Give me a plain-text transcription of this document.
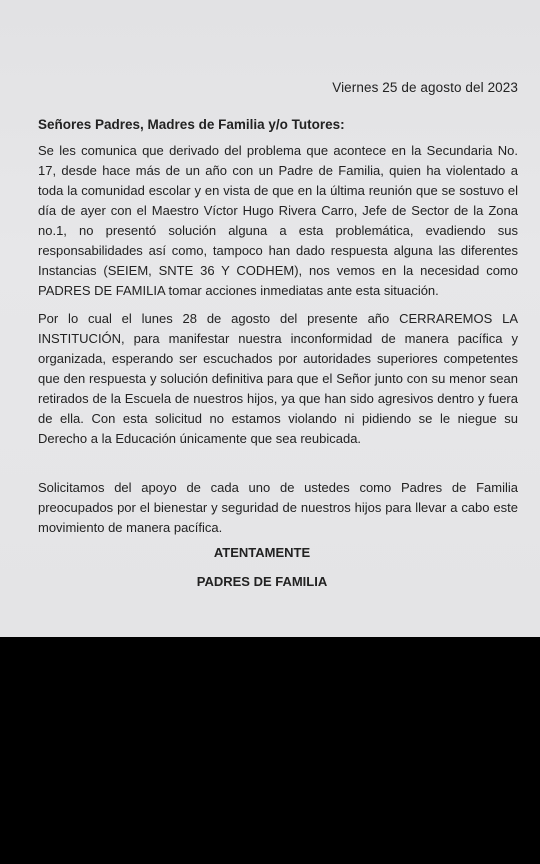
Viernes 25 de agosto del 2023
Señores Padres, Madres de Familia y/o Tutores:

Se les comunica que derivado del problema que acontece en la Secundaria No. 17, desde hace más de un año con un Padre de Familia, quien ha violentado a toda la comunidad escolar y en vista de que en la última reunión que se sostuvo el día de ayer con el Maestro Víctor Hugo Rivera Carro, Jefe de Sector de la Zona no.1, no presentó solución alguna a esta problemática, evadiendo sus responsabilidades así como, tampoco han dado respuesta alguna las diferentes Instancias (SEIEM, SNTE 36 Y CODHEM), nos vemos en la necesidad como PADRES DE FAMILIA tomar acciones inmediatas ante esta situación.

Por lo cual el lunes 28 de agosto del presente año CERRAREMOS LA INSTITUCIÓN, para manifestar nuestra inconformidad de manera pacífica y organizada, esperando ser escuchados por autoridades superiores competentes que den respuesta y solución definitiva para que el Señor junto con su menor sean retirados de la Escuela de nuestros hijos, ya que han sido agresivos dentro y fuera de ella. Con esta solicitud no estamos violando ni pidiendo se le niegue su Derecho a la Educación únicamente que sea reubicada.

Solicitamos del apoyo de cada uno de ustedes como Padres de Familia preocupados por el bienestar y seguridad de nuestros hijos para llevar a cabo este movimiento de manera pacífica.

ATENTAMENTE
PADRES DE FAMILIA
